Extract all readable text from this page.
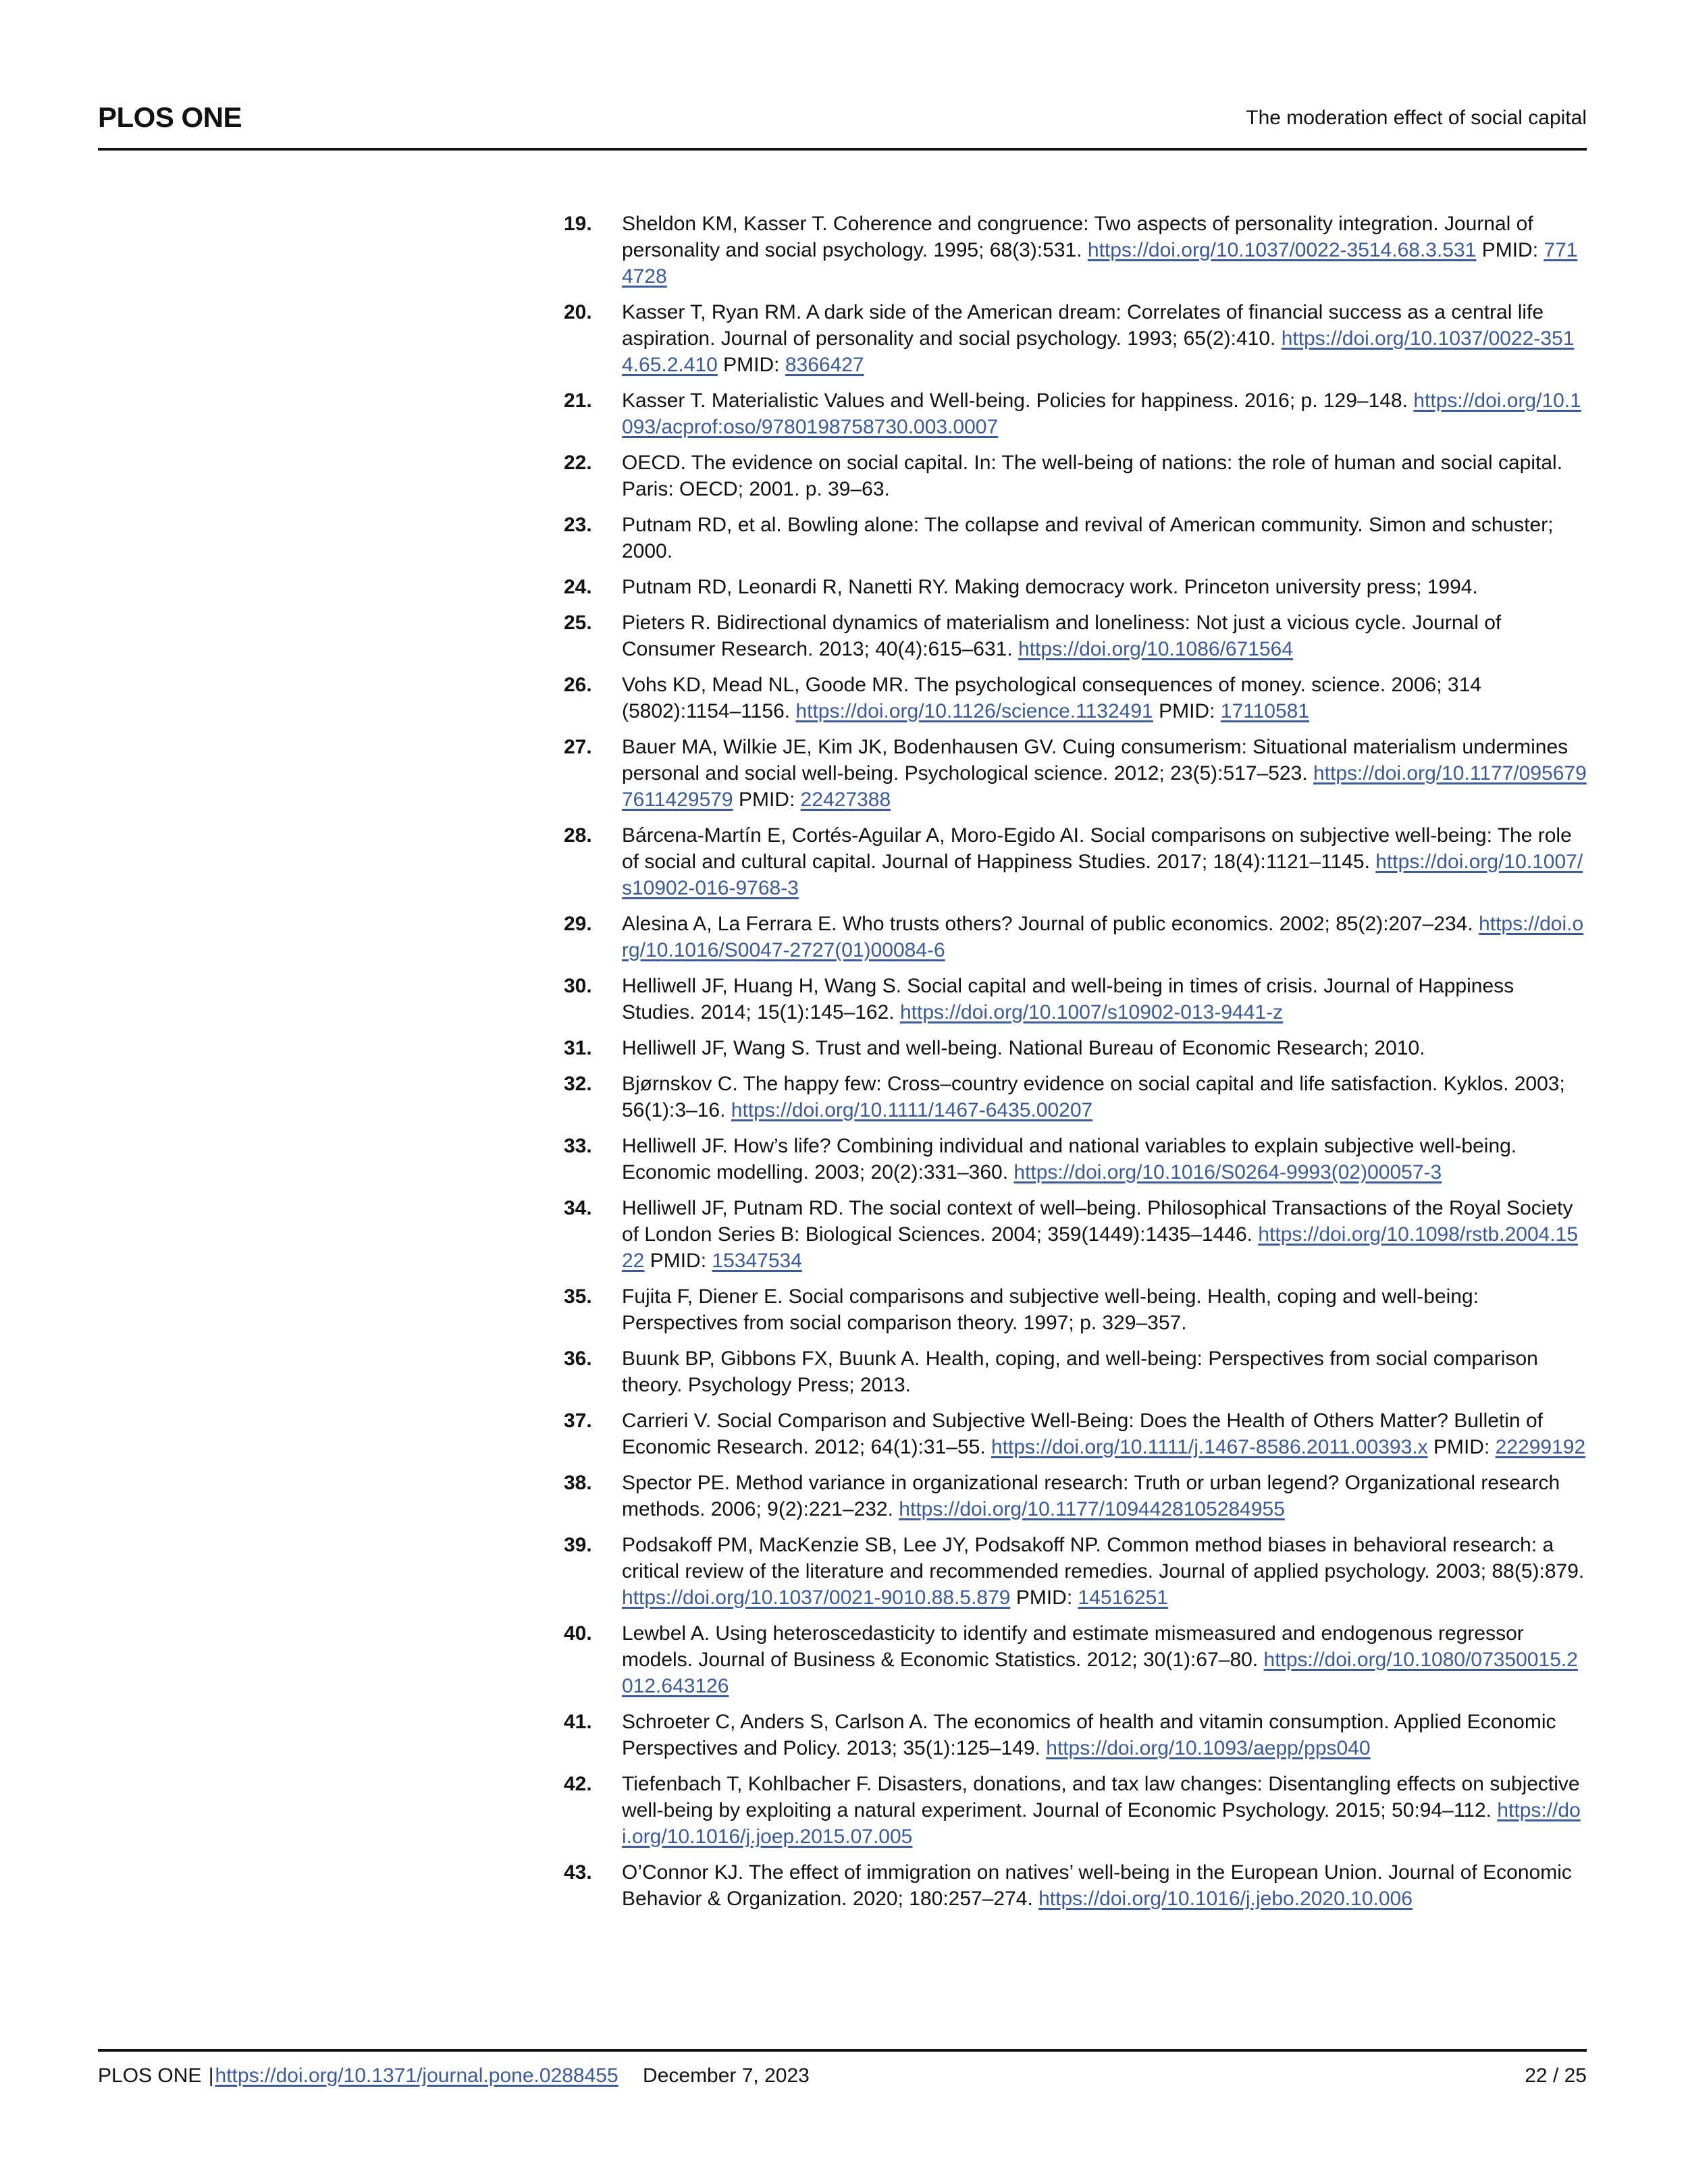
PLOS ONE	The moderation effect of social capital
19.	Sheldon KM, Kasser T. Coherence and congruence: Two aspects of personality integration. Journal of personality and social psychology. 1995; 68(3):531. https://doi.org/10.1037/0022-3514.68.3.531 PMID: 7714728
20.	Kasser T, Ryan RM. A dark side of the American dream: Correlates of financial success as a central life aspiration. Journal of personality and social psychology. 1993; 65(2):410. https://doi.org/10.1037/0022-3514.65.2.410 PMID: 8366427
21.	Kasser T. Materialistic Values and Well-being. Policies for happiness. 2016; p. 129–148. https://doi.org/10.1093/acprof:oso/9780198758730.003.0007
22.	OECD. The evidence on social capital. In: The well-being of nations: the role of human and social capital. Paris: OECD; 2001. p. 39–63.
23.	Putnam RD, et al. Bowling alone: The collapse and revival of American community. Simon and schuster; 2000.
24.	Putnam RD, Leonardi R, Nanetti RY. Making democracy work. Princeton university press; 1994.
25.	Pieters R. Bidirectional dynamics of materialism and loneliness: Not just a vicious cycle. Journal of Consumer Research. 2013; 40(4):615–631. https://doi.org/10.1086/671564
26.	Vohs KD, Mead NL, Goode MR. The psychological consequences of money. science. 2006; 314 (5802):1154–1156. https://doi.org/10.1126/science.1132491 PMID: 17110581
27.	Bauer MA, Wilkie JE, Kim JK, Bodenhausen GV. Cuing consumerism: Situational materialism undermines personal and social well-being. Psychological science. 2012; 23(5):517–523. https://doi.org/10.1177/0956797611429579 PMID: 22427388
28.	Bárcena-Martín E, Cortés-Aguilar A, Moro-Egido AI. Social comparisons on subjective well-being: The role of social and cultural capital. Journal of Happiness Studies. 2017; 18(4):1121–1145. https://doi.org/10.1007/s10902-016-9768-3
29.	Alesina A, La Ferrara E. Who trusts others? Journal of public economics. 2002; 85(2):207–234. https://doi.org/10.1016/S0047-2727(01)00084-6
30.	Helliwell JF, Huang H, Wang S. Social capital and well-being in times of crisis. Journal of Happiness Studies. 2014; 15(1):145–162. https://doi.org/10.1007/s10902-013-9441-z
31.	Helliwell JF, Wang S. Trust and well-being. National Bureau of Economic Research; 2010.
32.	Bjørnskov C. The happy few: Cross–country evidence on social capital and life satisfaction. Kyklos. 2003; 56(1):3–16. https://doi.org/10.1111/1467-6435.00207
33.	Helliwell JF. How’s life? Combining individual and national variables to explain subjective well-being. Economic modelling. 2003; 20(2):331–360. https://doi.org/10.1016/S0264-9993(02)00057-3
34.	Helliwell JF, Putnam RD. The social context of well–being. Philosophical Transactions of the Royal Society of London Series B: Biological Sciences. 2004; 359(1449):1435–1446. https://doi.org/10.1098/rstb.2004.1522 PMID: 15347534
35.	Fujita F, Diener E. Social comparisons and subjective well-being. Health, coping and well-being: Perspectives from social comparison theory. 1997; p. 329–357.
36.	Buunk BP, Gibbons FX, Buunk A. Health, coping, and well-being: Perspectives from social comparison theory. Psychology Press; 2013.
37.	Carrieri V. Social Comparison and Subjective Well-Being: Does the Health of Others Matter? Bulletin of Economic Research. 2012; 64(1):31–55. https://doi.org/10.1111/j.1467-8586.2011.00393.x PMID: 22299192
38.	Spector PE. Method variance in organizational research: Truth or urban legend? Organizational research methods. 2006; 9(2):221–232. https://doi.org/10.1177/1094428105284955
39.	Podsakoff PM, MacKenzie SB, Lee JY, Podsakoff NP. Common method biases in behavioral research: a critical review of the literature and recommended remedies. Journal of applied psychology. 2003; 88(5):879. https://doi.org/10.1037/0021-9010.88.5.879 PMID: 14516251
40.	Lewbel A. Using heteroscedasticity to identify and estimate mismeasured and endogenous regressor models. Journal of Business & Economic Statistics. 2012; 30(1):67–80. https://doi.org/10.1080/07350015.2012.643126
41.	Schroeter C, Anders S, Carlson A. The economics of health and vitamin consumption. Applied Economic Perspectives and Policy. 2013; 35(1):125–149. https://doi.org/10.1093/aepp/pps040
42.	Tiefenbach T, Kohlbacher F. Disasters, donations, and tax law changes: Disentangling effects on subjective well-being by exploiting a natural experiment. Journal of Economic Psychology. 2015; 50:94–112. https://doi.org/10.1016/j.joep.2015.07.005
43.	O’Connor KJ. The effect of immigration on natives’ well-being in the European Union. Journal of Economic Behavior & Organization. 2020; 180:257–274. https://doi.org/10.1016/j.jebo.2020.10.006
PLOS ONE |https://doi.org/10.1371/journal.pone.0288455 December 7, 2023	22 / 25
